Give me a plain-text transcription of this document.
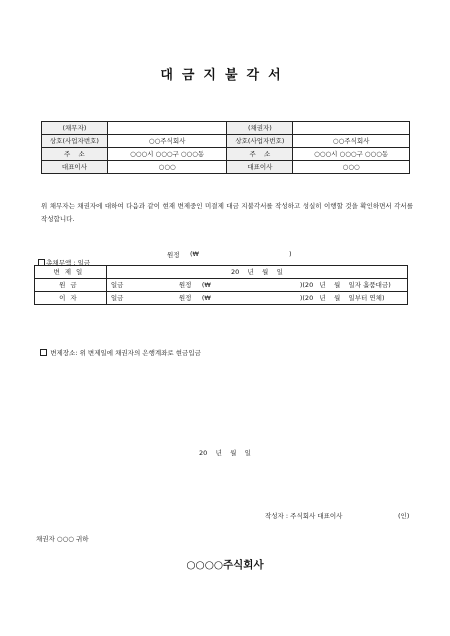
대금지불각서
(채무자)		(채권자)	
상호(사업자번호)	○○주식회사	상호(사업자번호)	○○주식회사
주    소	○○○시 ○○○구 ○○○동	주    소	○○○시 ○○○구 ○○○동
대표이사	○○○	대표이사	○○○
위 채무자는 채권자에 대하여 다음과 같이 현재 변제중인 미결제 대금 지불각서를 작성하고 성실히 이행할 것을 확인하면서 각서를 작성합니다.

총채무액 : 일금

원정 (₩	)
변제일	20    년    월    일
원금	일금 원정 (₩ )(20   년    월    일자 흘품대금)

이자	일금 원정 (₩ )(20   년    월    일부터 연체)

변제장소: 위 변제일에 채권자의 은행계좌로 현금입금

20    년    월    일
작성자 : 주식회사 대표이사	(인)
채권자 ○○○ 귀하
○○○○주식회사
